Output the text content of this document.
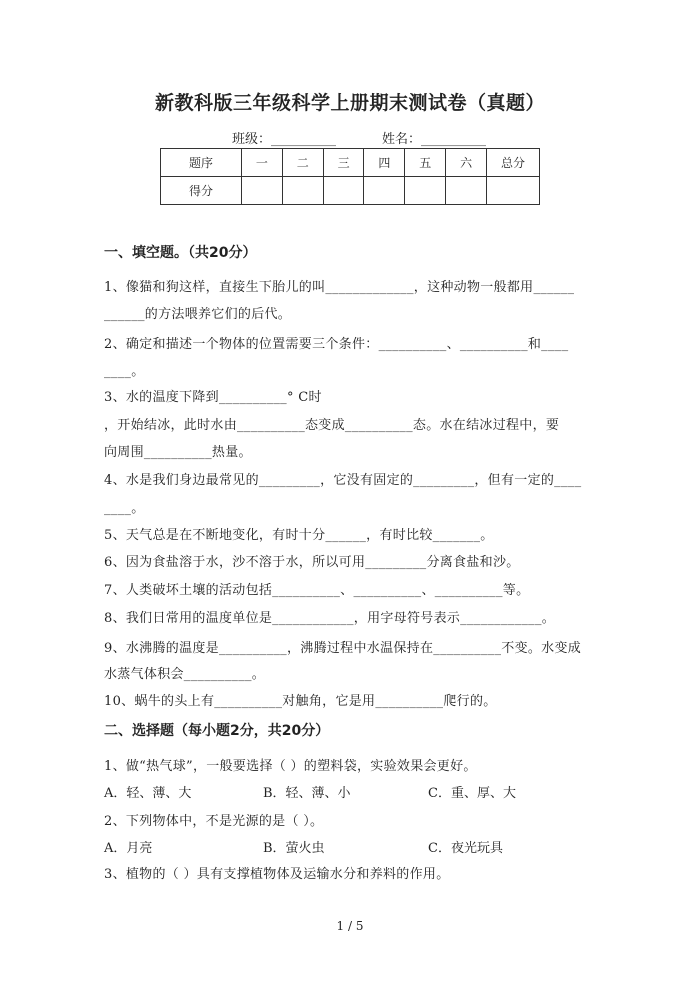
新教科版三年级科学上册期末测试卷（真题）
班级：__________	姓名：__________
题序	一	二	三	四	五	六	总分
得分							
一、填空题。（共20分）
1、像猫和狗这样，直接生下胎儿的叫_____________，这种动物一般都用______
______的方法喂养它们的后代。
2、确定和描述一个物体的位置需要三个条件：__________、__________和____
____。
3、水的温度下降到__________° C时
，开始结冰，此时水由__________态变成__________态。水在结冰过程中，要
向周围__________热量。
4、水是我们身边最常见的_________，它没有固定的_________，但有一定的____
____。
5、天气总是在不断地变化，有时十分______，有时比较_______。
6、因为食盐溶于水，沙不溶于水，所以可用_________分离食盐和沙。
7、人类破坏土壤的活动包括__________、__________、__________等。
8、我们日常用的温度单位是____________，用字母符号表示____________。
9、水沸腾的温度是__________，沸腾过程中水温保持在__________不变。水变成
水蒸气体积会__________。
10、蜗牛的头上有__________对触角，它是用__________爬行的。
二、选择题（每小题2分，共20分）
1、做“热气球”，一般要选择（ ）的塑料袋，实验效果会更好。
A．轻、薄、大	B．轻、薄、小	C．重、厚、大
2、下列物体中，不是光源的是（ ）。
A．月亮	B．萤火虫	C．夜光玩具
3、植物的（ ）具有支撑植物体及运输水分和养料的作用。
1 / 5
